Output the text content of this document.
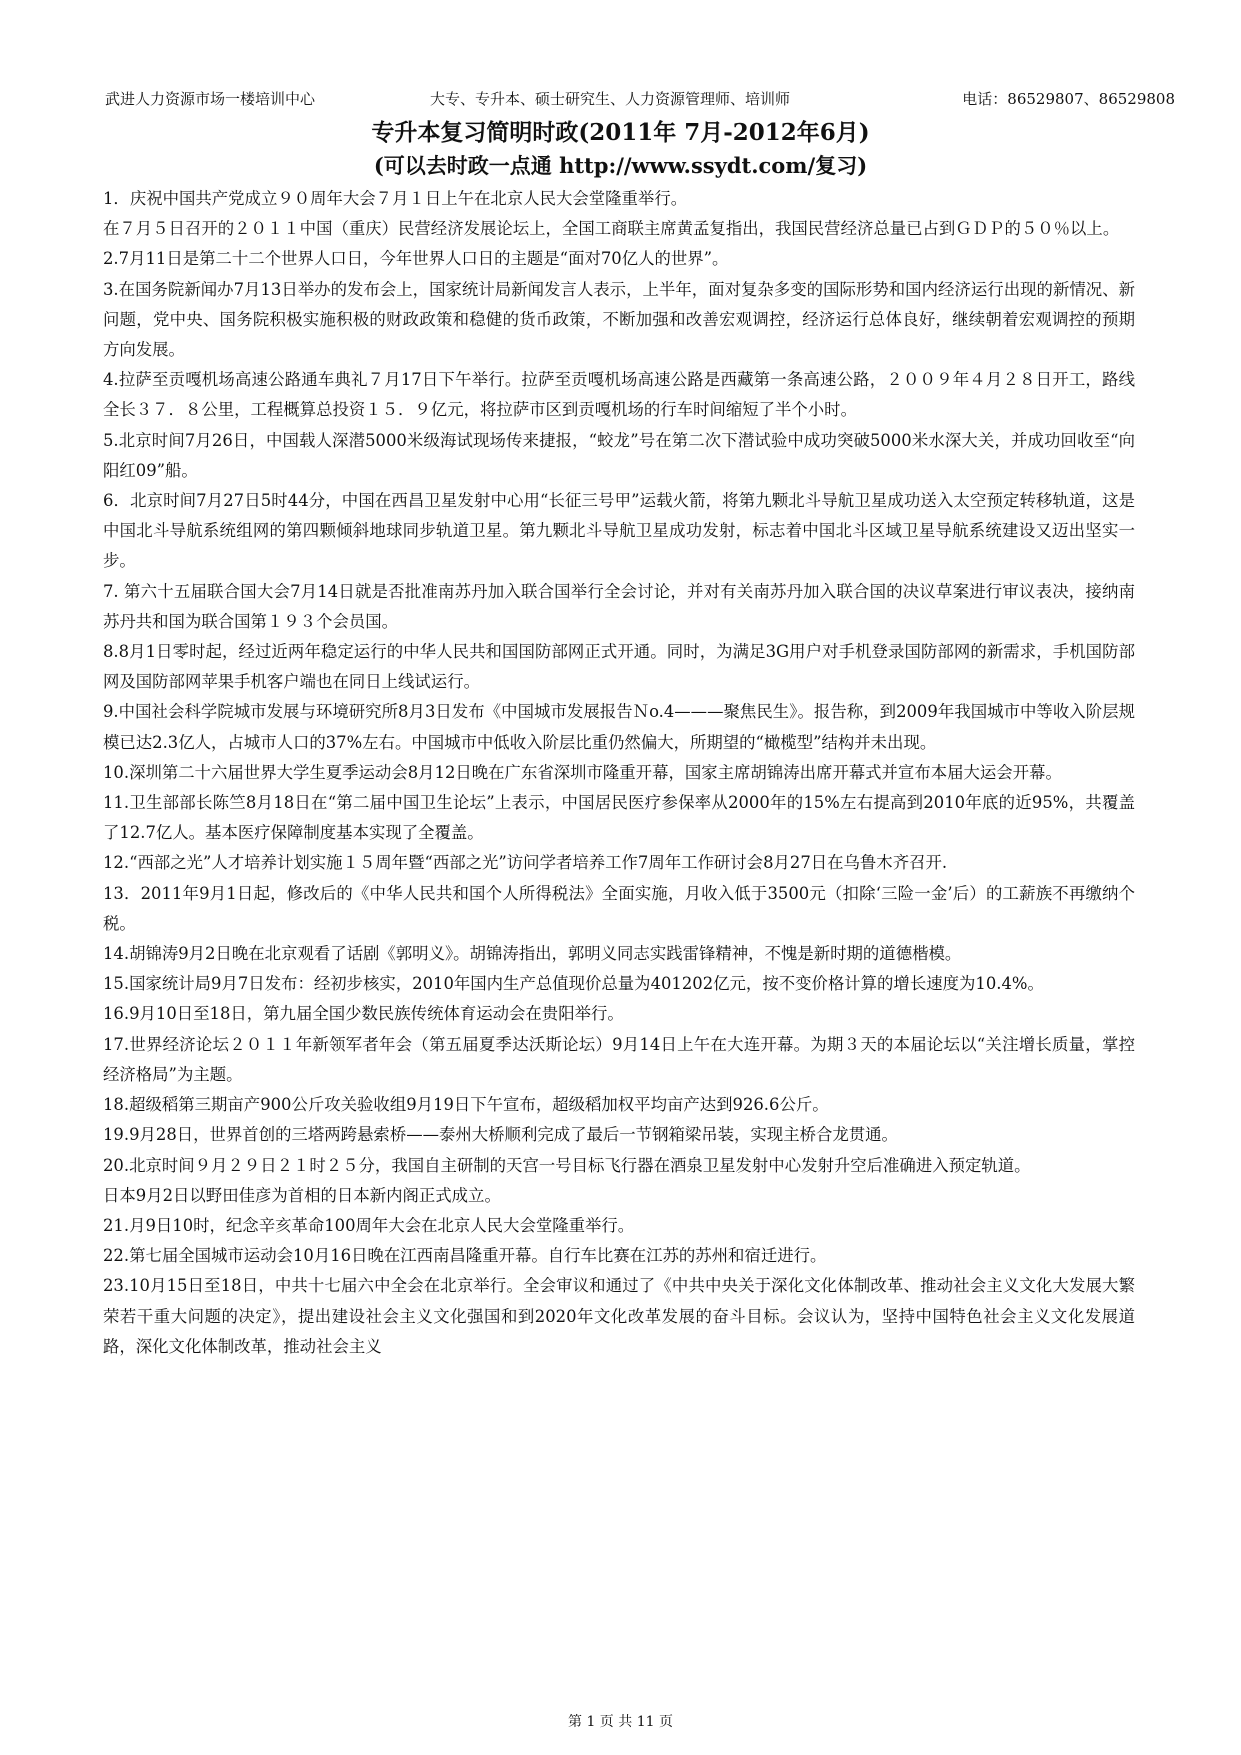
武进人力资源市场一楼培训中心	大专、专升本、硕士研究生、人力资源管理师、培训师	电话：86529807、86529808
专升本复习简明时政(2011年 7月-2012年6月)
(可以去时政一点通 http://www.ssydt.com/复习)

1．庆祝中国共产党成立９０周年大会７月１日上午在北京人民大会堂隆重举行。

在７月５日召开的２０１１中国（重庆）民营经济发展论坛上，全国工商联主席黄孟复指出，我国民营经济总量已占到ＧＤＰ的５０％以上。

2.7月11日是第二十二个世界人口日，今年世界人口日的主题是“面对70亿人的世界”。

3.在国务院新闻办7月13日举办的发布会上，国家统计局新闻发言人表示，上半年，面对复杂多变的国际形势和国内经济运行出现的新情况、新问题，党中央、国务院积极实施积极的财政政策和稳健的货币政策，不断加强和改善宏观调控，经济运行总体良好，继续朝着宏观调控的预期方向发展。

4.拉萨至贡嘎机场高速公路通车典礼７月17日下午举行。拉萨至贡嘎机场高速公路是西藏第一条高速公路，２００９年４月２８日开工，路线全长３７．８公里，工程概算总投资１５．９亿元，将拉萨市区到贡嘎机场的行车时间缩短了半个小时。

5.北京时间7月26日，中国载人深潜5000米级海试现场传来捷报，“蛟龙”号在第二次下潜试验中成功突破5000米水深大关，并成功回收至“向阳红09”船。

6．北京时间7月27日5时44分，中国在西昌卫星发射中心用“长征三号甲”运载火箭，将第九颗北斗导航卫星成功送入太空预定转移轨道，这是中国北斗导航系统组网的第四颗倾斜地球同步轨道卫星。第九颗北斗导航卫星成功发射，标志着中国北斗区域卫星导航系统建设又迈出坚实一步。

7. 第六十五届联合国大会7月14日就是否批准南苏丹加入联合国举行全会讨论，并对有关南苏丹加入联合国的决议草案进行审议表决，接纳南苏丹共和国为联合国第１９３个会员国。

8.8月1日零时起，经过近两年稳定运行的中华人民共和国国防部网正式开通。同时，为满足3G用户对手机登录国防部网的新需求，手机国防部网及国防部网苹果手机客户端也在同日上线试运行。

9.中国社会科学院城市发展与环境研究所8月3日发布《中国城市发展报告Ｎo.4———聚焦民生》。报告称，到2009年我国城市中等收入阶层规模已达2.3亿人，占城市人口的37%左右。中国城市中低收入阶层比重仍然偏大，所期望的“橄榄型”结构并未出现。

10.深圳第二十六届世界大学生夏季运动会8月12日晚在广东省深圳市隆重开幕，国家主席胡锦涛出席开幕式并宣布本届大运会开幕。

11.卫生部部长陈竺8月18日在“第二届中国卫生论坛”上表示，中国居民医疗参保率从2000年的15%左右提高到2010年底的近95%，共覆盖了12.7亿人。基本医疗保障制度基本实现了全覆盖。

12.“西部之光”人才培养计划实施１５周年暨“西部之光”访问学者培养工作7周年工作研讨会8月27日在乌鲁木齐召开.

13．2011年9月1日起，修改后的《中华人民共和国个人所得税法》全面实施，月收入低于3500元（扣除‘三险一金’后）的工薪族不再缴纳个税。

14.胡锦涛9月2日晚在北京观看了话剧《郭明义》。胡锦涛指出，郭明义同志实践雷锋精神，不愧是新时期的道德楷模。

15.国家统计局9月7日发布：经初步核实，2010年国内生产总值现价总量为401202亿元，按不变价格计算的增长速度为10.4%。

16.9月10日至18日，第九届全国少数民族传统体育运动会在贵阳举行。

17.世界经济论坛２０１１年新领军者年会（第五届夏季达沃斯论坛）9月14日上午在大连开幕。为期３天的本届论坛以“关注增长质量，掌控经济格局”为主题。

18.超级稻第三期亩产900公斤攻关验收组9月19日下午宣布，超级稻加权平均亩产达到926.6公斤。

19.9月28日，世界首创的三塔两跨悬索桥——泰州大桥顺利完成了最后一节钢箱梁吊装，实现主桥合龙贯通。

20.北京时间９月２９日２１时２５分，我国自主研制的天宫一号目标飞行器在酒泉卫星发射中心发射升空后准确进入预定轨道。

日本9月2日以野田佳彦为首相的日本新内阁正式成立。

21.月9日10时，纪念辛亥革命100周年大会在北京人民大会堂隆重举行。

22.第七届全国城市运动会10月16日晚在江西南昌隆重开幕。自行车比赛在江苏的苏州和宿迁进行。

23.10月15日至18日，中共十七届六中全会在北京举行。全会审议和通过了《中共中央关于深化文化体制改革、推动社会主义文化大发展大繁荣若干重大问题的决定》，提出建设社会主义文化强国和到2020年文化改革发展的奋斗目标。会议认为，坚持中国特色社会主义文化发展道路，深化文化体制改革，推动社会主义

第 1 页 共 11 页
